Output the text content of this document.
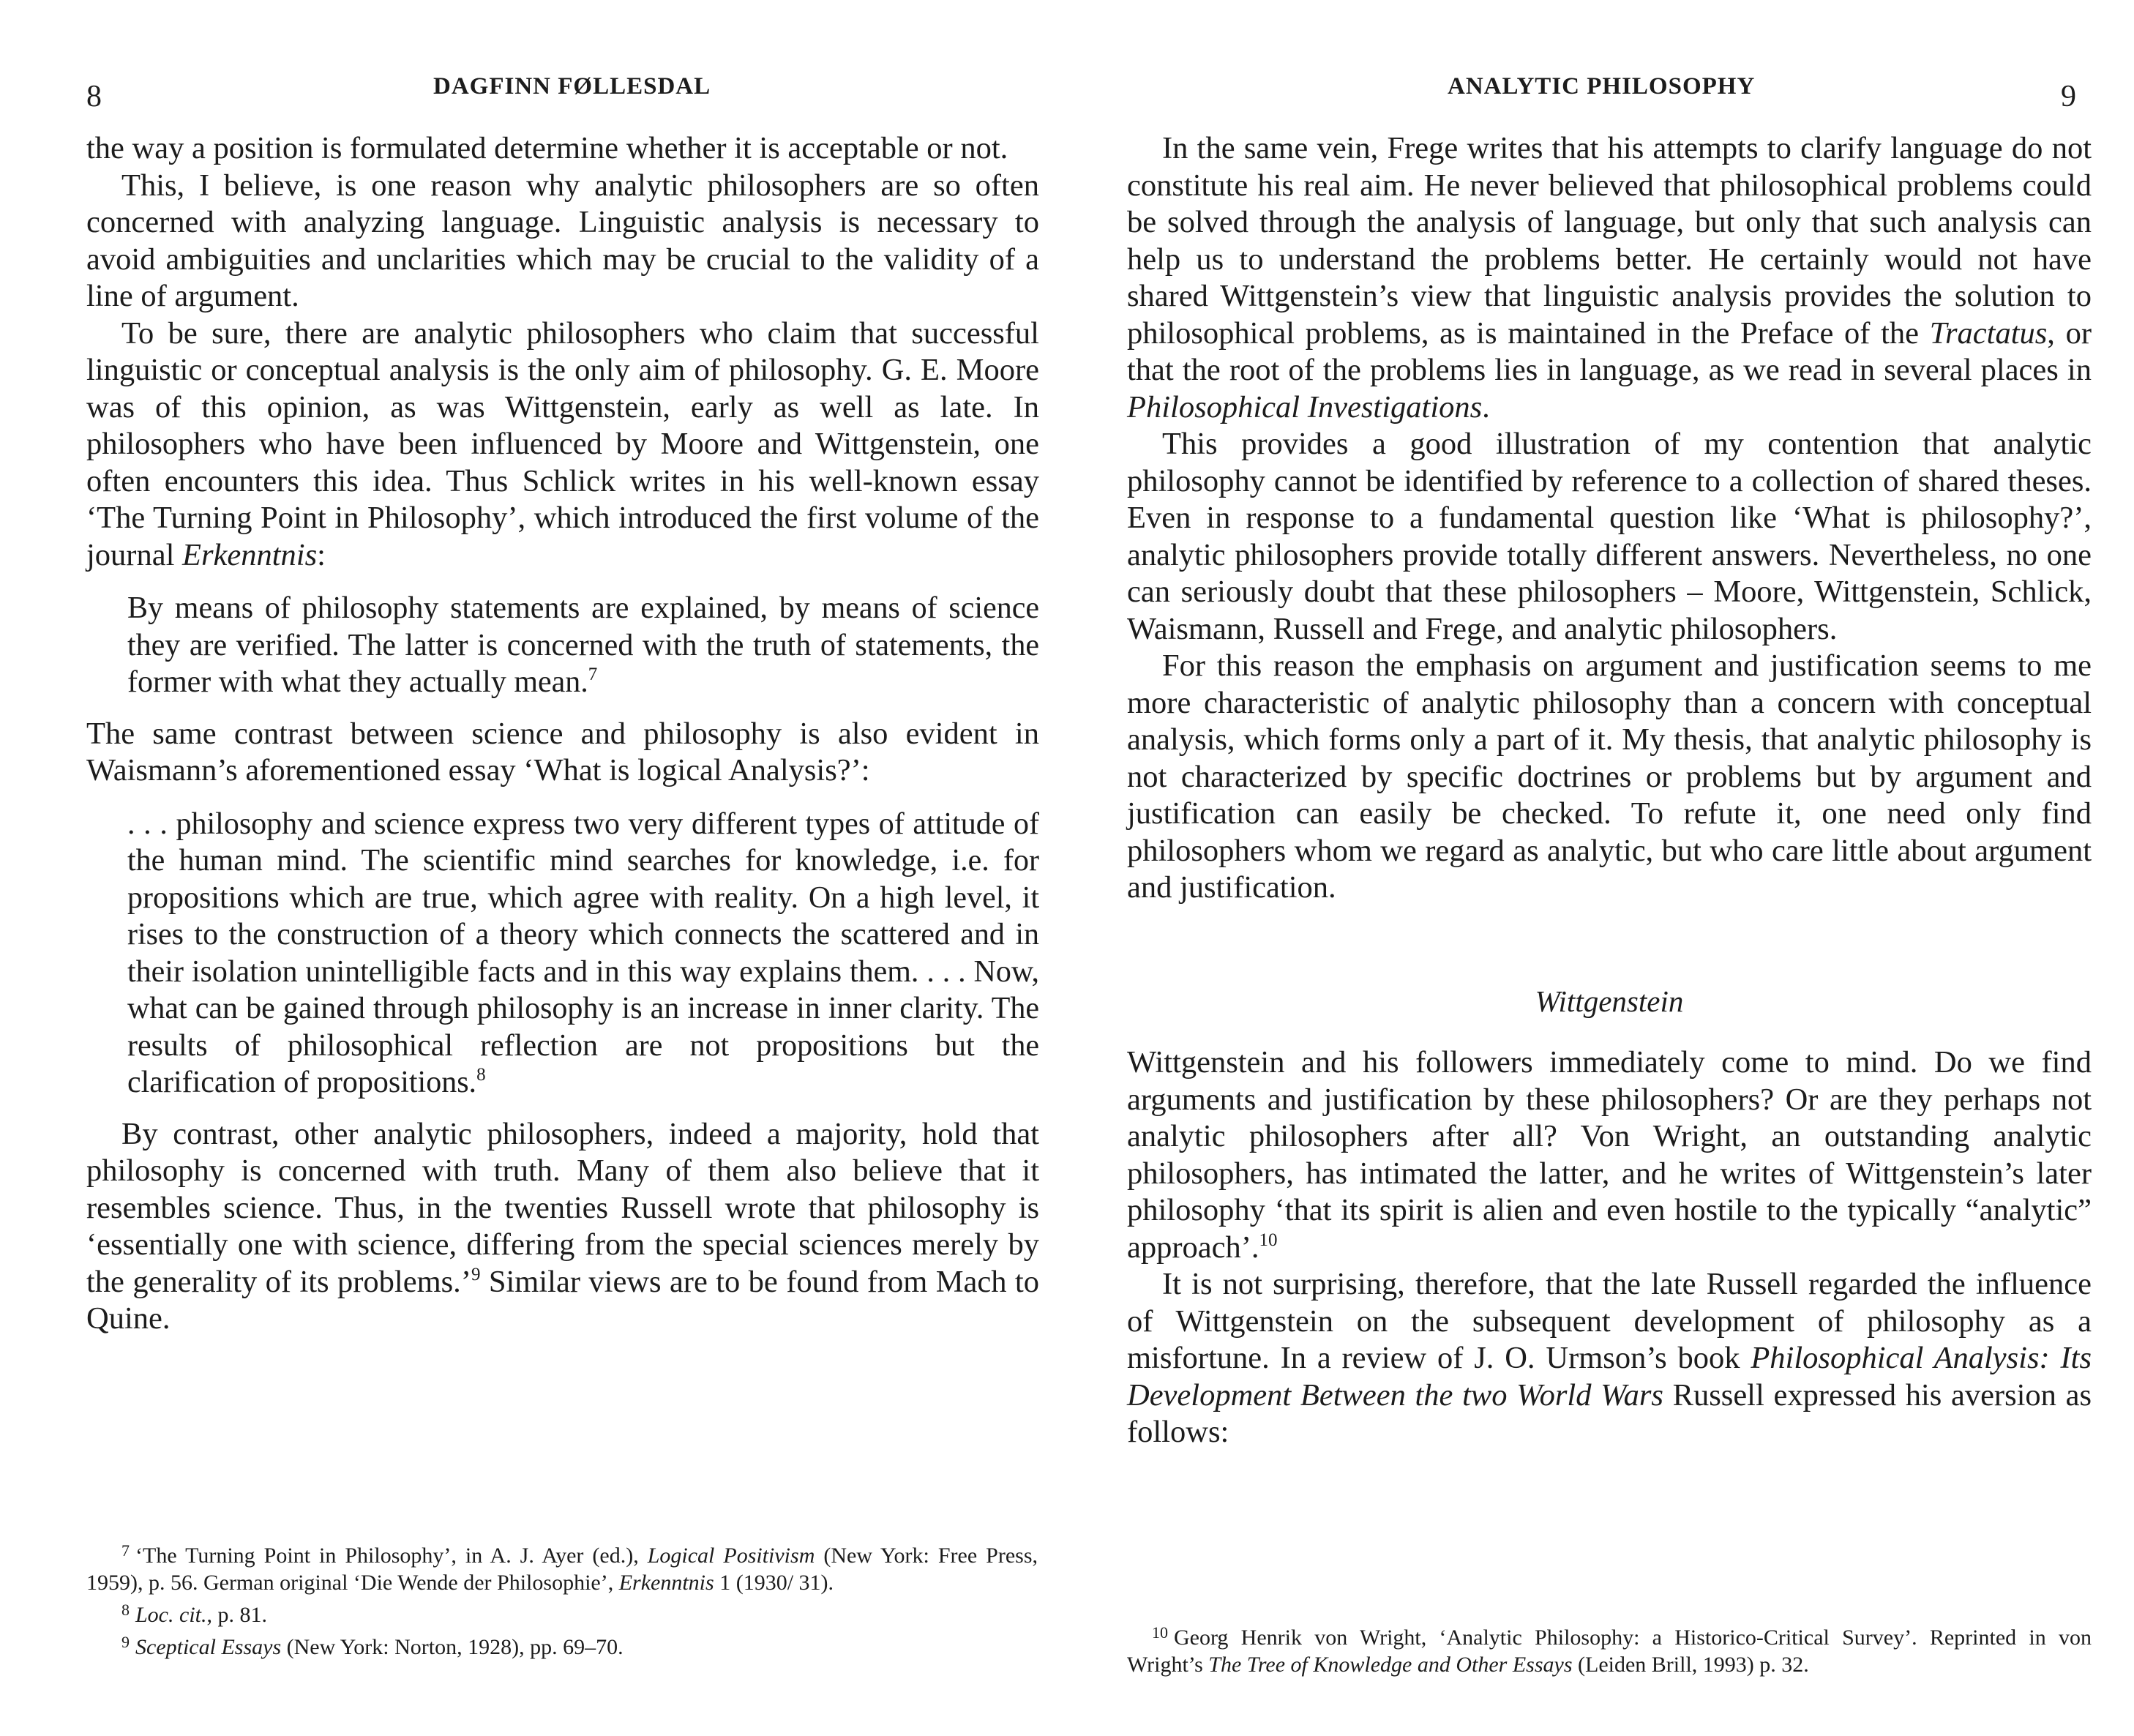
8	DAGFINN FØLLESDAL

the way a position is formulated determine whether it is acceptable or not.

This, I believe, is one reason why analytic philosophers are so often concerned with analyzing language. Linguistic analysis is necessary to avoid ambiguities and unclarities which may be crucial to the validity of a line of argument.

To be sure, there are analytic philosophers who claim that successful linguistic or conceptual analysis is the only aim of philosophy. G. E. Moore was of this opinion, as was Wittgenstein, early as well as late. In philosophers who have been influenced by Moore and Wittgenstein, one often encounters this idea. Thus Schlick writes in his well-known essay ‘The Turning Point in Philosophy’, which introduced the first volume of the journal Erkenntnis:

By means of philosophy statements are explained, by means of science they are verified. The latter is concerned with the truth of statements, the former with what they actually mean.$^7$

The same contrast between science and philosophy is also evident in Waismann’s aforementioned essay ‘What is logical Analysis?’:

. . . philosophy and science express two very different types of attitude of the human mind. The scientific mind searches for knowledge, i.e. for propositions which are true, which agree with reality. On a high level, it rises to the construction of a theory which connects the scattered and in their isolation unintelligible facts and in this way explains them. . . . Now, what can be gained through philosophy is an increase in inner clarity. The results of philosophical reflection are not propositions but the clarification of propositions.$^8$

By contrast, other analytic philosophers, indeed a majority, hold that philosophy is concerned with truth. Many of them also believe that it resembles science. Thus, in the twenties Russell wrote that philosophy is ‘essentially one with science, differing from the special sciences merely by the generality of its problems.’$^9$ Similar views are to be found from Mach to Quine.

$^7$ ‘The Turning Point in Philosophy’, in A. J. Ayer (ed.), Logical Positivism (New York: Free Press, 1959), p. 56. German original ‘Die Wende der Philosophie’, Erkenntnis 1 (1930/ 31).

$^8$ Loc. cit., p. 81.

$^9$ Sceptical Essays (New York: Norton, 1928), pp. 69–70.

ANALYTIC PHILOSOPHY	9

In the same vein, Frege writes that his attempts to clarify language do not constitute his real aim. He never believed that philosophical problems could be solved through the analysis of language, but only that such analysis can help us to understand the problems better. He certainly would not have shared Wittgenstein’s view that linguistic analysis provides the solution to philosophical problems, as is maintained in the Preface of the Tractatus, or that the root of the problems lies in language, as we read in several places in Philosophical Investigations.

This provides a good illustration of my contention that analytic philosophy cannot be identified by reference to a collection of shared theses. Even in response to a fundamental question like ‘What is philosophy?’, analytic philosophers provide totally different answers. Nevertheless, no one can seriously doubt that these philosophers – Moore, Wittgenstein, Schlick, Waismann, Russell and Frege, and analytic philosophers.

For this reason the emphasis on argument and justification seems to me more characteristic of analytic philosophy than a concern with conceptual analysis, which forms only a part of it. My thesis, that analytic philosophy is not characterized by specific doctrines or problems but by argument and justification can easily be checked. To refute it, one need only find philosophers whom we regard as analytic, but who care little about argument and justification.

Wittgenstein

Wittgenstein and his followers immediately come to mind. Do we find arguments and justification by these philosophers? Or are they perhaps not analytic philosophers after all? Von Wright, an outstanding analytic philosophers, has intimated the latter, and he writes of Wittgenstein’s later philosophy ‘that its spirit is alien and even hostile to the typically “analytic” approach’.$^{10}$

It is not surprising, therefore, that the late Russell regarded the influence of Wittgenstein on the subsequent development of philosophy as a misfortune. In a review of J. O. Urmson’s book Philosophical Analysis: Its Development Between the two World Wars Russell expressed his aversion as follows:

$^{10}$ Georg Henrik von Wright, ‘Analytic Philosophy: a Historico-Critical Survey’. Reprinted in von Wright’s The Tree of Knowledge and Other Essays (Leiden Brill, 1993) p. 32.
